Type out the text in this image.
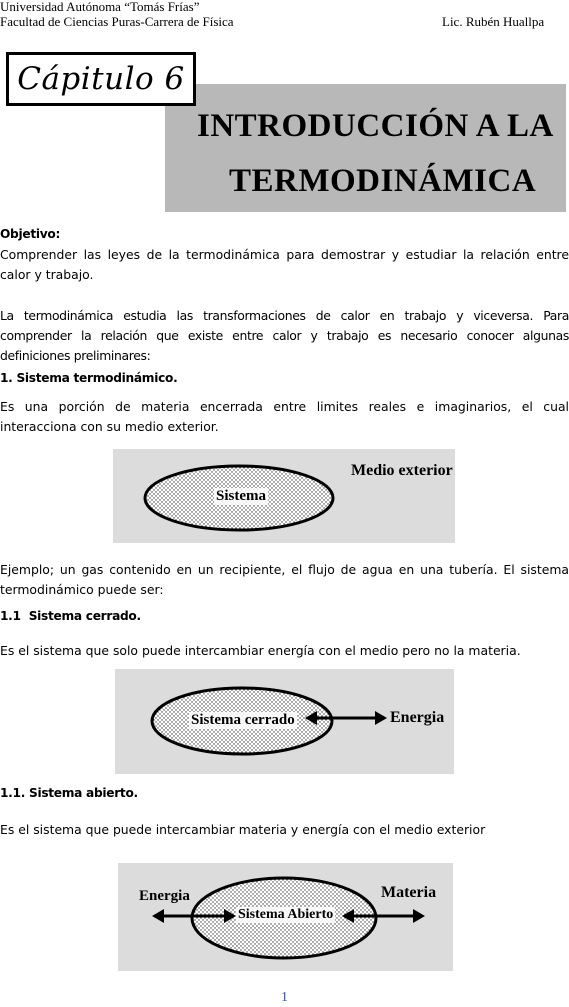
Universidad Autónoma “Tomás Frías”
Facultad de Ciencias Puras-Carrera de Física	Lic. Rubén Huallpa
INTRODUCCIÓN A LA
TERMODINÁMICA
Cápitulo 6
Objetivo:
Comprender las leyes de la termodinámica para demostrar y estudiar la relación entre calor y trabajo.
La termodinámica estudia las transformaciones de calor en trabajo y viceversa. Para comprender la relación que existe entre calor y trabajo es necesario conocer algunas definiciones preliminares:
1. Sistema termodinámico.
Es una porción de materia encerrada entre limites reales e imaginarios, el cual interacciona con su medio exterior.
Sistema
Medio exterior
Ejemplo; un gas contenido en un recipiente, el flujo de agua en una tubería. El sistema termodinámico puede ser:
1.1 Sistema cerrado.
Es el sistema que solo puede intercambiar energía con el medio pero no la materia.
Sistema cerrado	Energia
1.1. Sistema abierto.
Es el sistema que puede intercambiar materia y energía con el medio exterior
Sistema Abierto
Energia	Materia
1
